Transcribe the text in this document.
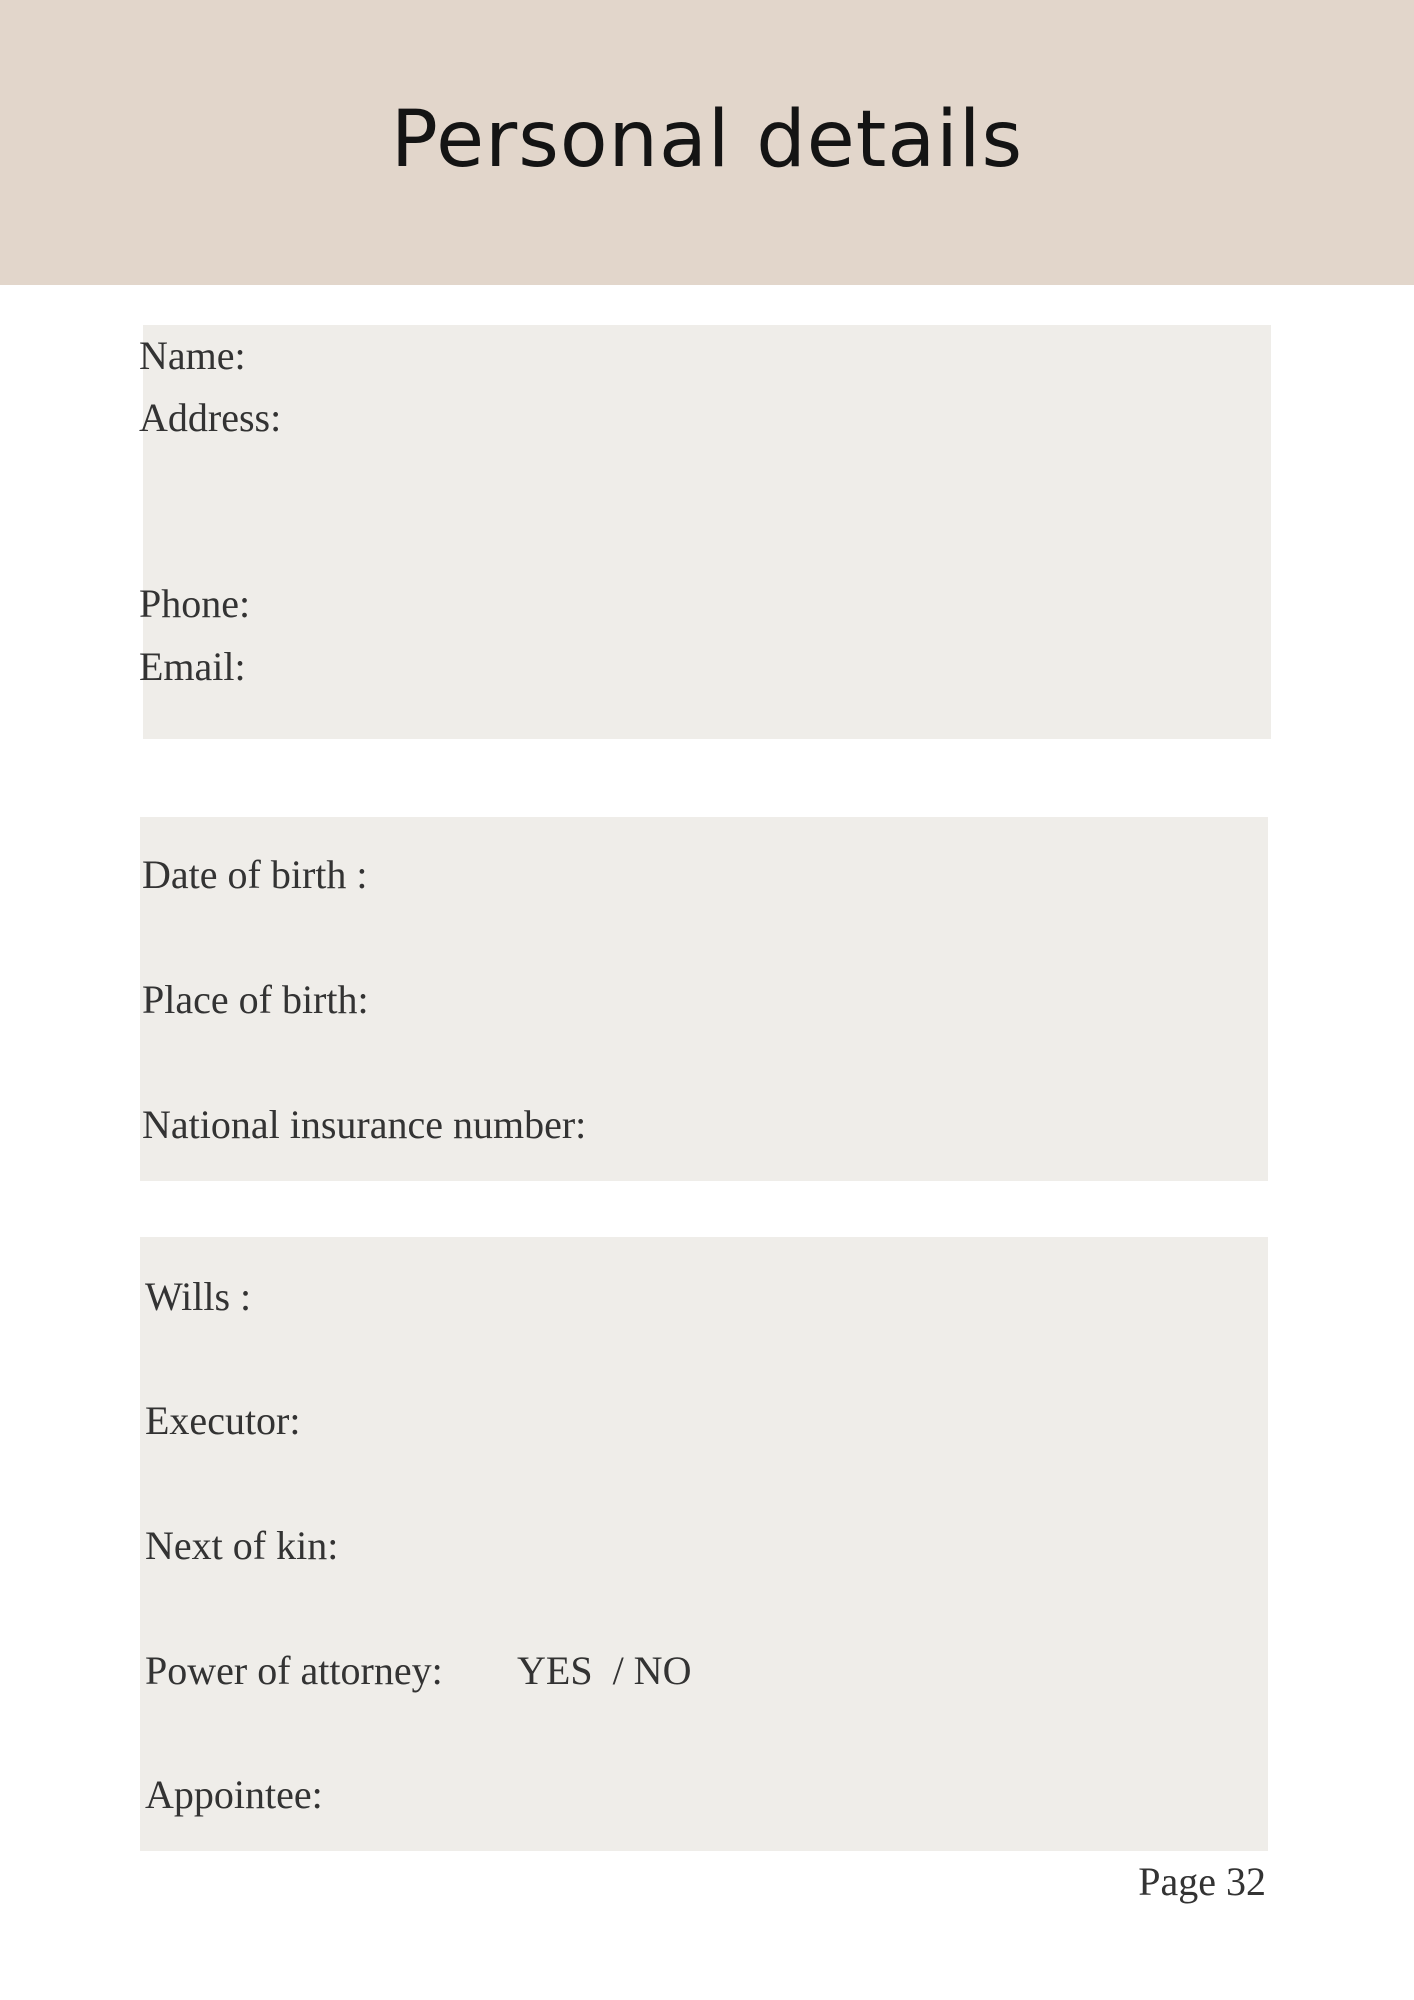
Personal details
Name:
Address:
Phone:
Email:
Date of birth :
Place of birth:
National insurance number:
Wills :
Executor:
Next of kin:
Power of attorney: YES  / NO
Appointee:
Page 32
